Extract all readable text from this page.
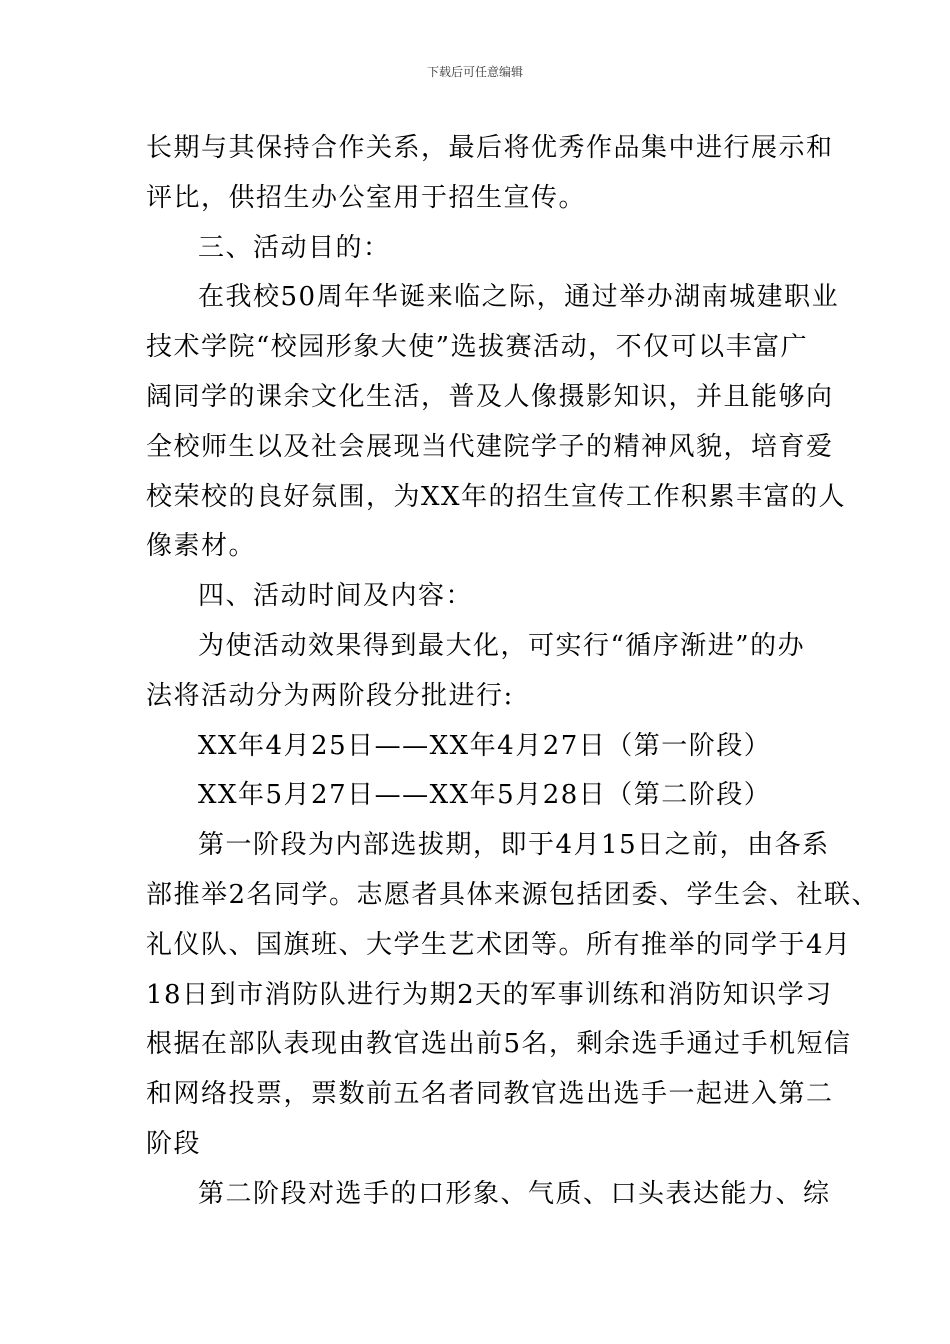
下载后可任意编辑
长期与其保持合作关系，最后将优秀作品集中进行展示和
评比，供招生办公室用于招生宣传。
三、活动目的：
在我校50周年华诞来临之际，通过举办湖南城建职业
技术学院“校园形象大使”选拔赛活动，不仅可以丰富广
阔同学的课余文化生活，普及人像摄影知识，并且能够向
全校师生以及社会展现当代建院学子的精神风貌，培育爱
校荣校的良好氛围，为XX年的招生宣传工作积累丰富的人
像素材。
四、活动时间及内容：
为使活动效果得到最大化，可实行“循序渐进”的办
法将活动分为两阶段分批进行:
XX年4月25日——XX年4月27日（第一阶段）
XX年5月27日——XX年5月28日（第二阶段）
第一阶段为内部选拔期，即于4月15日之前，由各系
部推举2名同学。志愿者具体来源包括团委、学生会、社联、
礼仪队、国旗班、大学生艺术团等。所有推举的同学于4月
18日到市消防队进行为期2天的军事训练和消防知识学习
根据在部队表现由教官选出前5名，剩余选手通过手机短信
和网络投票，票数前五名者同教官选出选手一起进入第二
阶段
第二阶段对选手的口形象、气质、口头表达能力、综
